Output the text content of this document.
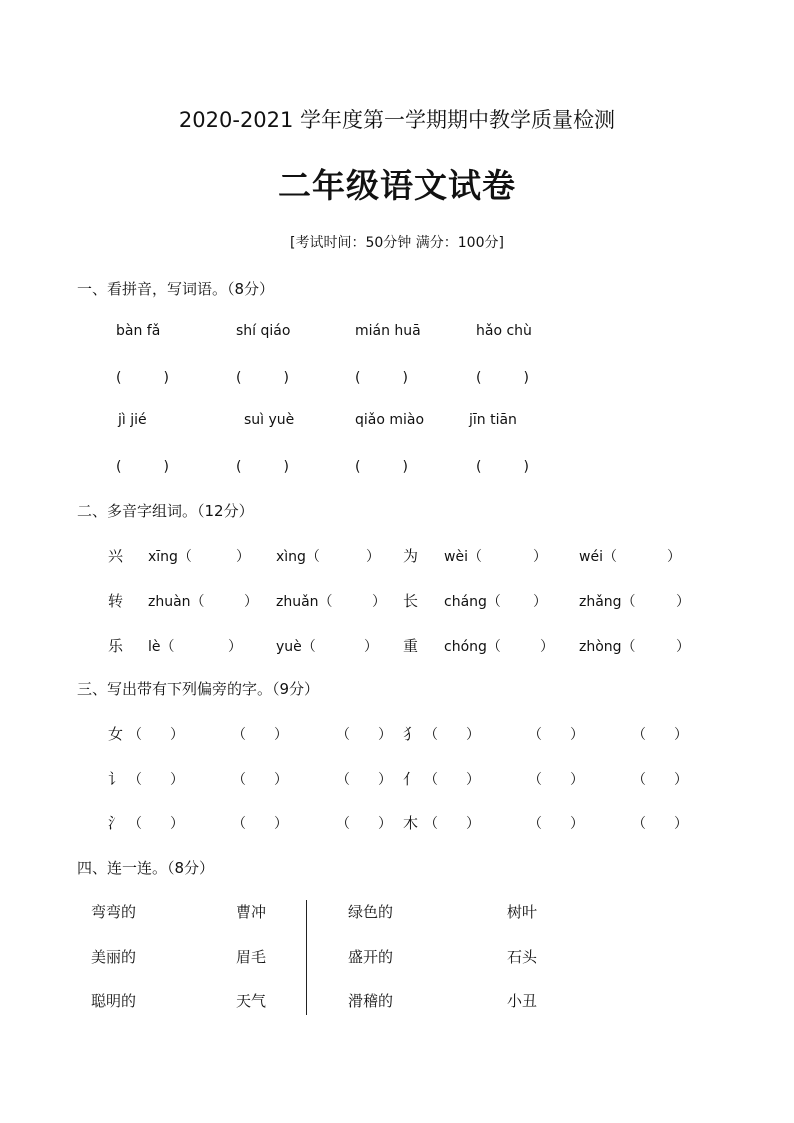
2020-2021 学年度第一学期期中教学质量检测
二年级语文试卷
[考试时间：50分钟 满分：100分]
一、看拼音，写词语。（8分）
bàn fǎ	shí qiáo	mián huā	hǎo chù
(　　　)	(　　　)	(　　　)	(　　　)
jì jié	suì yuè	qiǎo miào	jīn tiān
(　　　)	(　　　)	(　　　)	(　　　)
二、多音字组词。（12分）
兴 xīng（	） xìng（	） 为 wèi（	） wéi（	）
转 zhuàn（	） zhuǎn（	） 长 cháng（ ） zhǎng（	）
乐 lè（	） yuè（	） 重 chóng（	） zhòng（	）
三、写出带有下列偏旁的字。（9分）
女 （ ）	（ ）	（ ） 犭 （ ）	（ ）	（ ）
讠 （ ）	（ ）	（ ） 亻 （ ）	（ ）	（ ）
氵 （ ）	（ ）	（ ） 木 （ ）	（ ）	（ ）
四、连一连。（8分）
弯弯的	曹冲	绿色的	树叶
美丽的	眉毛	盛开的	石头
聪明的	天气	滑稽的	小丑
